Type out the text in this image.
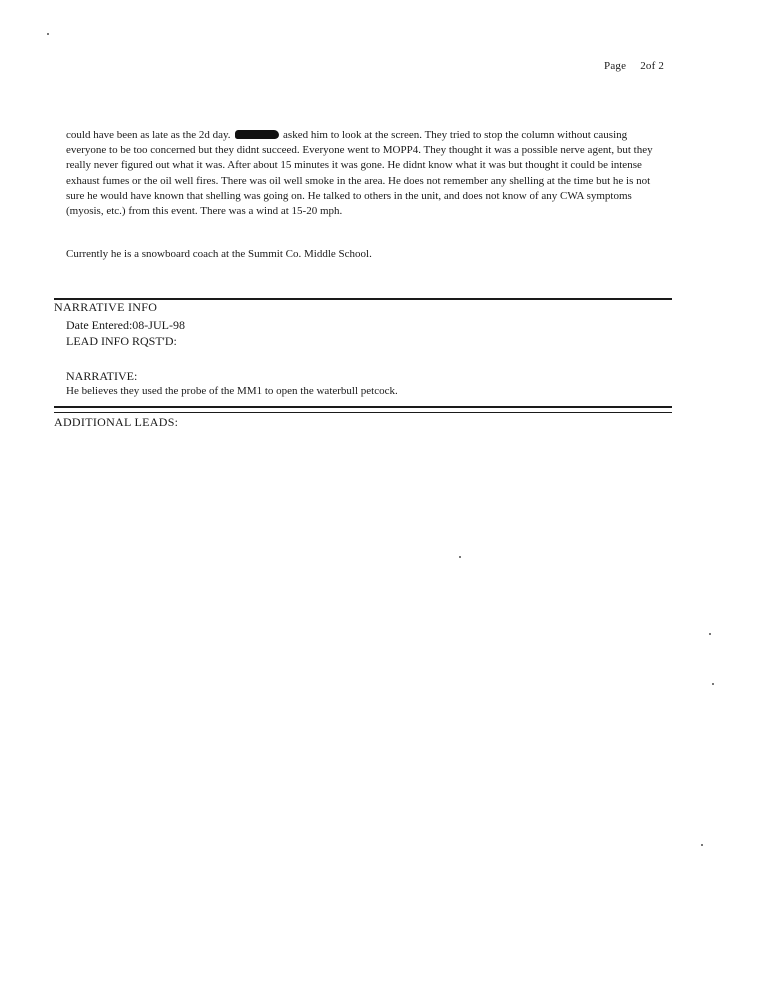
Page 2of 2
could have been as late as the 2d day.	asked him to look at the screen. They tried to stop the column without causing everyone to be too concerned but they didnt succeed. Everyone went to MOPP4. They thought it was a possible nerve agent, but they really never figured out what it was. After about 15 minutes it was gone. He didnt know what it was but thought it could be intense exhaust fumes or the oil well fires. There was oil well smoke in the area. He does not remember any shelling at the time but he is not sure he would have known that shelling was going on. He talked to others in the unit, and does not know of any CWA symptoms (myosis, etc.) from this event. There was a wind at 15-20 mph.
Currently he is a snowboard coach at the Summit Co. Middle School.
NARRATIVE INFO
Date Entered:08-JUL-98
LEAD INFO RQST'D:
NARRATIVE:
He believes they used the probe of the MM1 to open the waterbull petcock.
ADDITIONAL LEADS:
